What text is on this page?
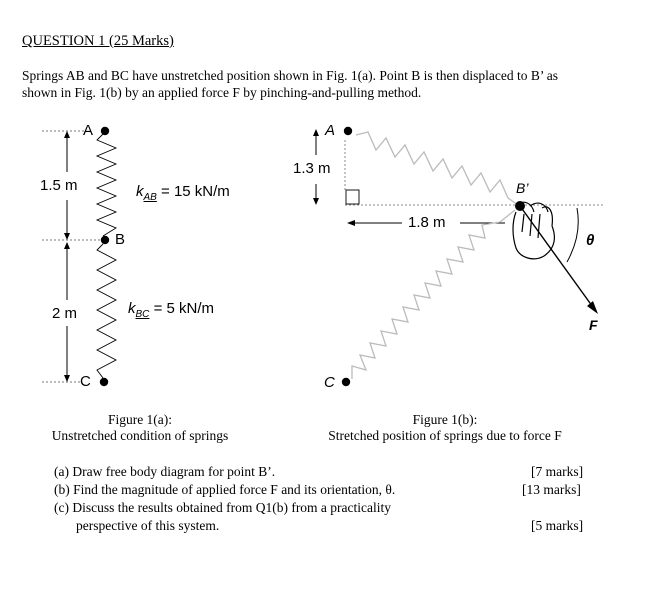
QUESTION 1 (25 Marks)
Springs AB and BC have unstretched position shown in Fig. 1(a). Point B is then displaced to B’ as
shown in Fig. 1(b) by an applied force F by pinching-and-pulling method.
A
B
C
1.5 m
2 m
$k_{AB} = 15$ kN/m
$k_{BC} = 5$ kN/m
A
B’
C
F
θ
1.3 m
1.8 m
Figure 1(a):
Unstretched condition of springs
Figure 1(b):
Stretched position of springs due to force F
(a) Draw free body diagram for point B’.	[7 marks]
(b) Find the magnitude of applied force F and its orientation, θ.	[13 marks]
(c) Discuss the results obtained from Q1(b) from a practicality
perspective of this system.	[5 marks]
